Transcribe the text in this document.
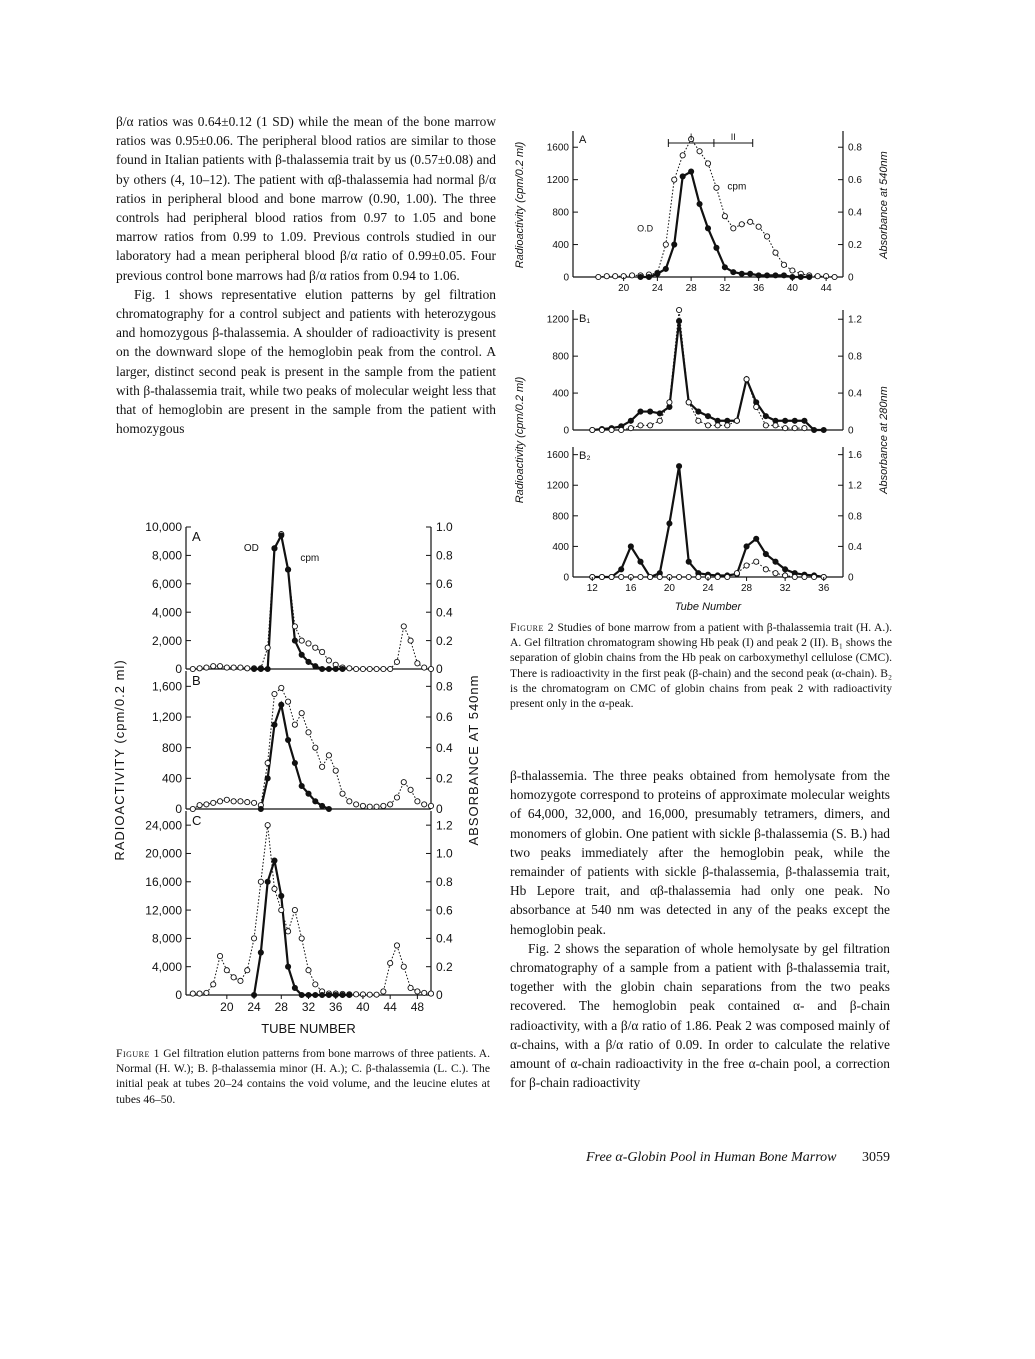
β/α ratios was 0.64±0.12 (1 SD) while the mean of the bone marrow ratios was 0.95±0.06. The peripheral blood ratios are similar to those found in Italian patients with β-thalassemia trait by us (0.57±0.08) and by others (4, 10–12). The patient with αβ-thalassemia had normal β/α ratios in peripheral blood and bone marrow (0.90, 1.00). The three controls had peripheral blood ratios from 0.97 to 1.05 and bone marrow ratios from 0.99 to 1.09. Previous controls studied in our laboratory had a mean peripheral blood β/α ratio of 0.99±0.05. Four previous control bone marrows had β/α ratios from 0.94 to 1.06.

Fig. 1 shows representative elution patterns by gel filtration chromatography for a control subject and patients with heterozygous and homozygous β-thalassemia. A shoulder of radioactivity is present on the downward slope of the hemoglobin peak from the control. A larger, distinct second peak is present in the sample from the patient with β-thalassemia trait, while two peaks of molecular weight less that that of hemoglobin are present in the sample from the patient with homozygous

β-thalassemia. The three peaks obtained from hemolysate from the homozygote correspond to proteins of approximate molecular weights of 64,000, 32,000, and 16,000, presumably tetramers, dimers, and monomers of globin. One patient with sickle β-thalassemia (S. B.) had two peaks immediately after the hemoglobin peak, while the remainder of patients with sickle β-thalassemia, β-thalassemia trait, Hb Lepore trait, and αβ-thalassemia had only one peak. No absorbance at 540 nm was detected in any of the peaks except the hemoglobin peak.

Fig. 2 shows the separation of whole hemolysate by gel filtration chromatography of a sample from a patient with β-thalassemia trait, together with the globin chain separations from the two peaks recovered. The hemoglobin peak contained α- and β-chain radioactivity, with a β/α ratio of 1.86. Peak 2 was composed mainly of α-chains, with a β/α ratio of 0.09. In order to calculate the relative amount of α-chain radioactivity in the free α-chain pool, a correction for β-chain radioactivity

0
2,000
4,000
6,000
8,000
10,000
0
0.2
0.4
0.6
0.8
1.0
A
0
400
800
1,200
1,600
0
0.2
0.4
0.6
0.8
B
0
4,000
8,000
12,000
16,000
20,000
24,000
0
0.2
0.4
0.6
0.8
1.0
1.2
C
20 24 28 32 36 40 44 48
TUBE NUMBER
RADIOACTIVITY (cpm/0.2 ml)	ABSORBANCE AT 540nm
OD
cpm
Figure 1 Gel filtration elution patterns from bone marrows of three patients. A. Normal (H. W.); B. β-thalassemia minor (H. A.); C. β-thalassemia (L. C.). The initial peak at tubes 20–24 contains the void volume, and the leucine elutes at tubes 46–50.
0
400
800
1200
1600
0
0.2
0.4
0.6
0.8
A
0
400
800
1200
0
0.4
0.8
1.2
B₁
0
400
800
1200
1600
0
0.4
0.8
1.2
1.6
B₂
20 24 28 32 36 40 44
12	16	20	24	28	32	36
Tube Number
Radioactivity (cpm/0.2 ml)
Radioactivity (cpm/0.2 ml)
Absorbance at 540nm
Absorbance at 280nm
I	II
cpm
O.D
Figure 2 Studies of bone marrow from a patient with β-thalassemia trait (H. A.). A. Gel filtration chromatogram showing Hb peak (I) and peak 2 (II). B₁ shows the separation of globin chains from the Hb peak on carboxymethyl cellulose (CMC). There is radioactivity in the first peak (β-chain) and the second peak (α-chain). B₂ is the chromatogram on CMC of globin chains from peak 2 with radioactivity present only in the α-peak.
Free α-Globin Pool in Human Bone Marrow 3059
